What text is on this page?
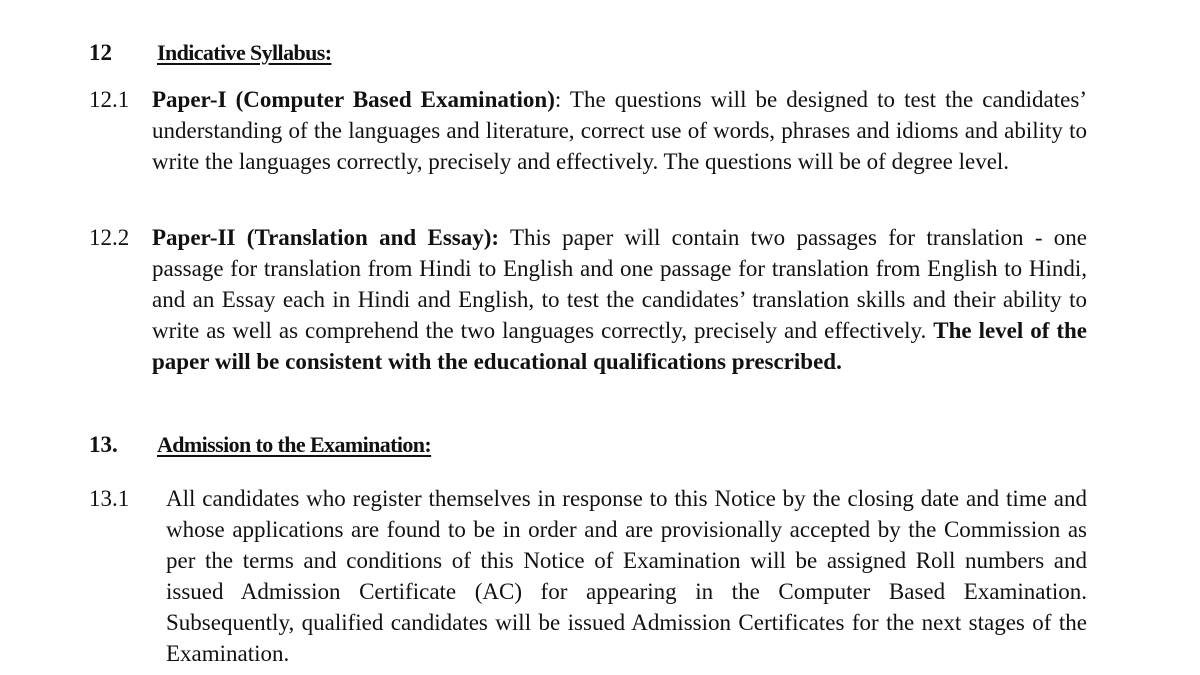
12 Indicative Syllabus:
12.1 Paper-I (Computer Based Examination): The questions will be designed to test the candidates’ understanding of the languages and literature, correct use of words, phrases and idioms and ability to write the languages correctly, precisely and effectively. The questions will be of degree level.
12.2 Paper-II (Translation and Essay): This paper will contain two passages for translation - one passage for translation from Hindi to English and one passage for translation from English to Hindi, and an Essay each in Hindi and English, to test the candidates’ translation skills and their ability to write as well as comprehend the two languages correctly, precisely and effectively. The level of the paper will be consistent with the educational qualifications prescribed.
13. Admission to the Examination:
13.1 All candidates who register themselves in response to this Notice by the closing date and time and whose applications are found to be in order and are provisionally accepted by the Commission as per the terms and conditions of this Notice of Examination will be assigned Roll numbers and issued Admission Certificate (AC) for appearing in the Computer Based Examination. Subsequently, qualified candidates will be issued Admission Certificates for the next stages of the Examination.
